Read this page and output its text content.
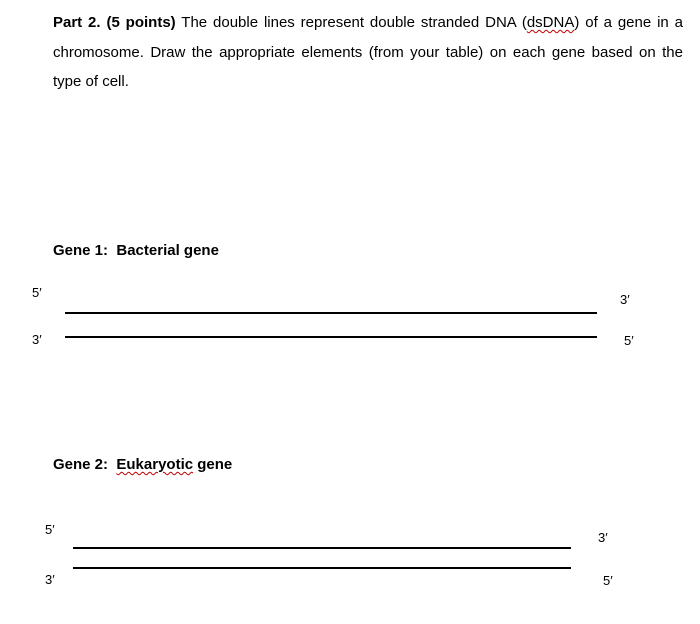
Part 2. (5 points) The double lines represent double stranded DNA (dsDNA) of a gene in a chromosome. Draw the appropriate elements (from your table) on each gene based on the type of cell.
Gene 1: Bacterial gene
5′	3′
3′	5′
Gene 2: Eukaryotic gene
5′
3′
3′	5′
